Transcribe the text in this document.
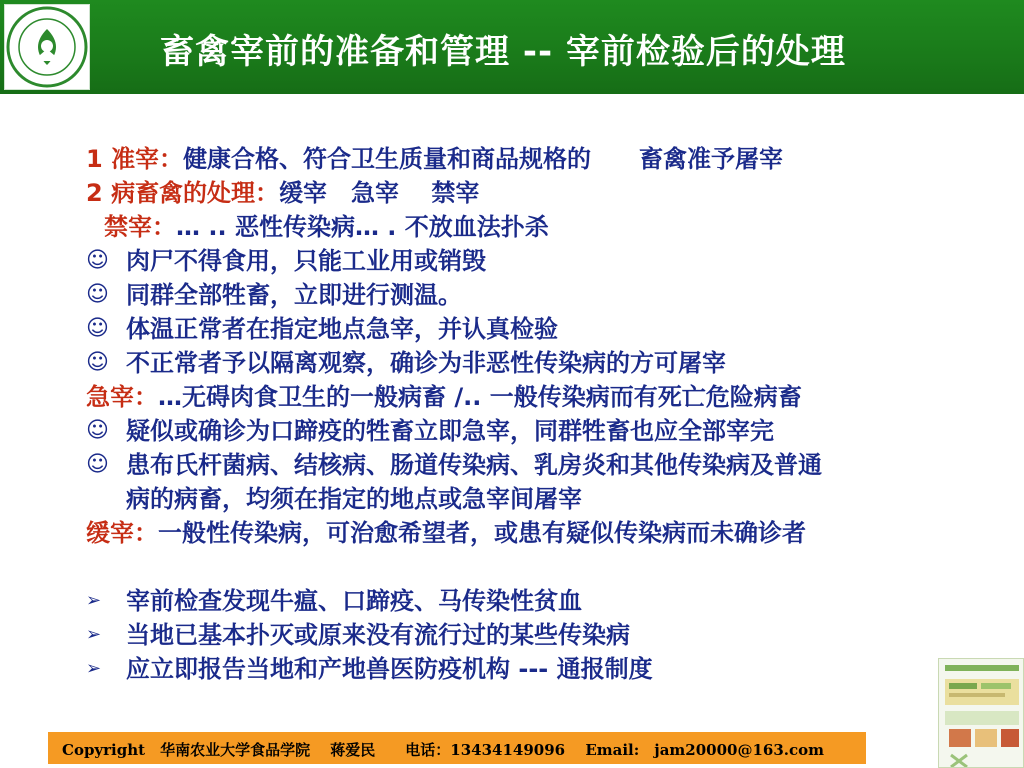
畜禽宰前的准备和管理 -- 宰前检验后的处理
1 准宰：健康合格、符合卫生质量和商品规格的　　畜禽准予屠宰
2 病畜禽的处理：缓宰　急宰　 禁宰
禁宰：… .. 恶性传染病… . 不放血法扑杀
☺ 肉尸不得食用，只能工业用或销毁
☺ 同群全部牲畜，立即进行测温。
☺ 体温正常者在指定地点急宰，并认真检验
☺ 不正常者予以隔离观察，确诊为非恶性传染病的方可屠宰
急宰：…无碍肉食卫生的一般病畜 /.. 一般传染病而有死亡危险病畜
☺ 疑似或确诊为口蹄疫的牲畜立即急宰，同群牲畜也应全部宰完
☺ 患布氏杆菌病、结核病、肠道传染病、乳房炎和其他传染病及普通
病的病畜，均须在指定的地点或急宰间屠宰
缓宰：一般性传染病，可治愈希望者，或患有疑似传染病而未确诊者
➢	宰前检查发现牛瘟、口蹄疫、马传染性贫血
➢	当地已基本扑灭或原来没有流行过的某些传染病
➢	应立即报告当地和产地兽医防疫机构 --- 通报制度
Copyright　华南农业大学食品学院　 蒋爱民　　电话：13434149096　 Email:　jam20000@163.com
